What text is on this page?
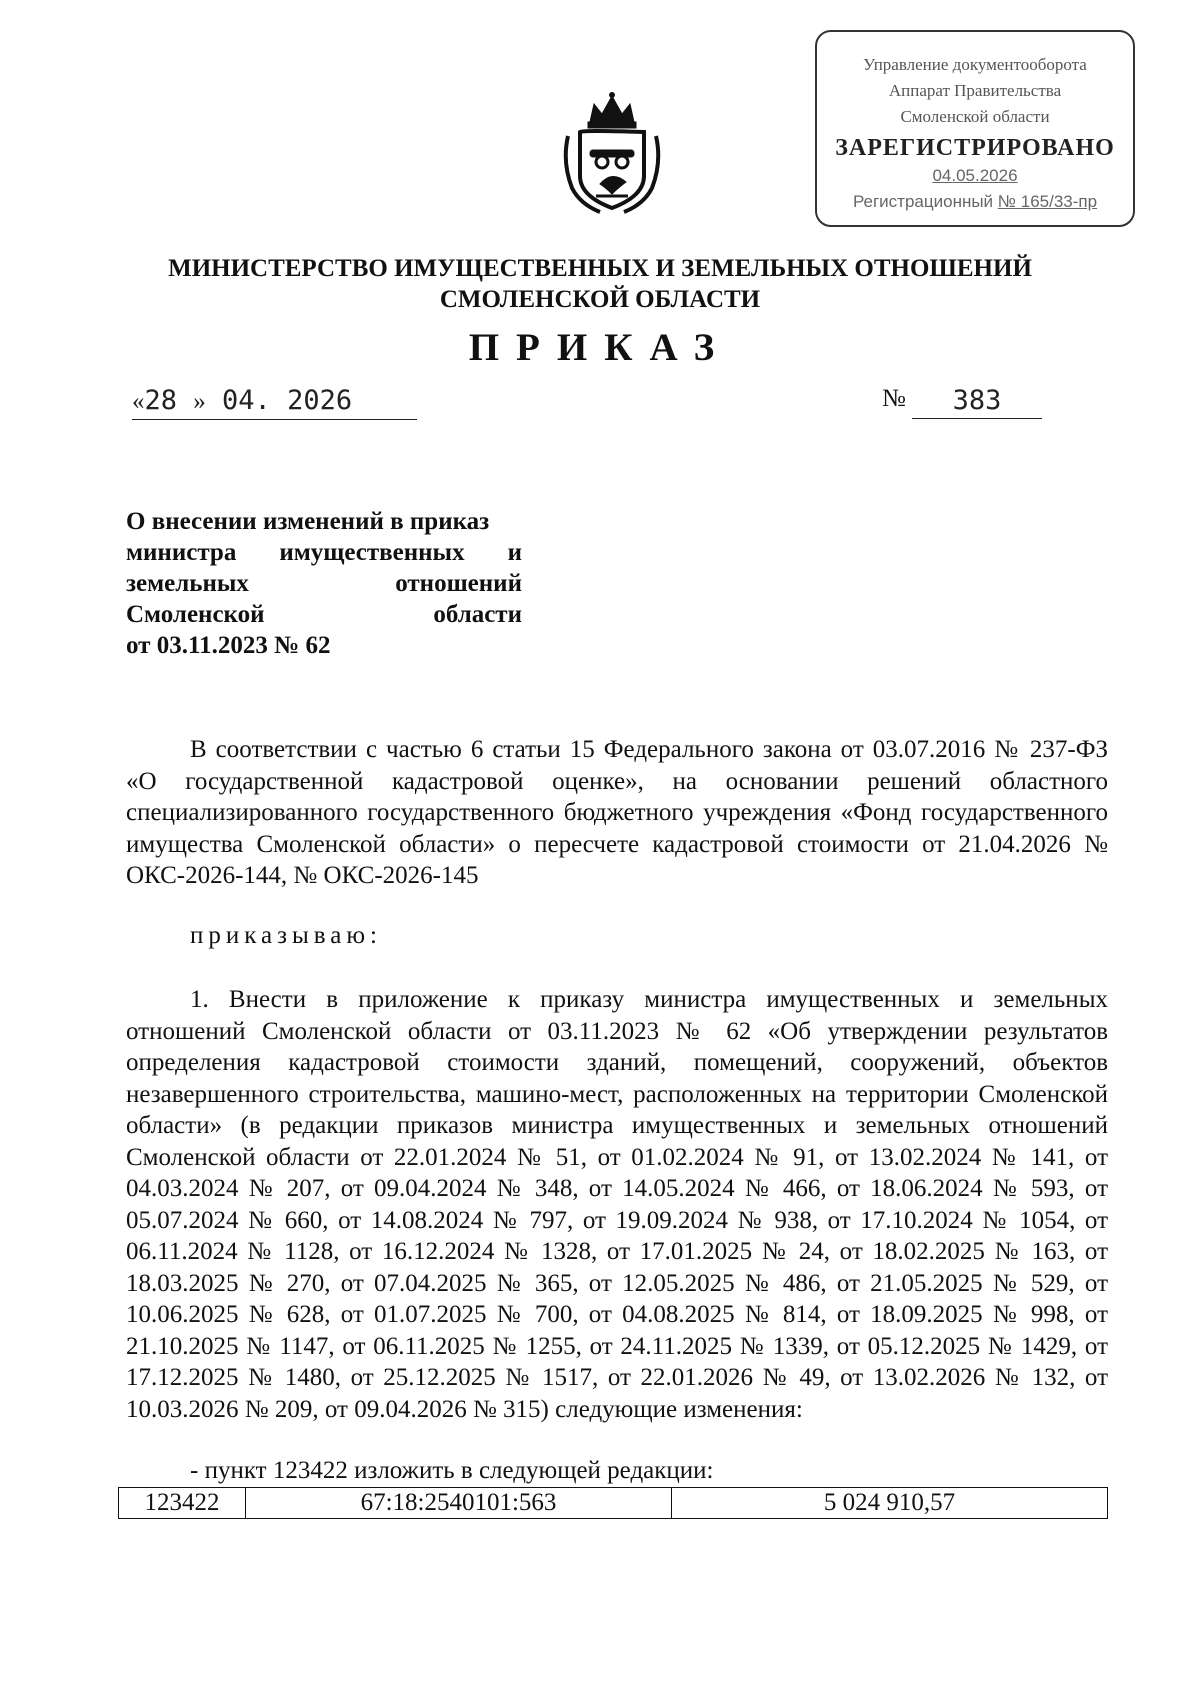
Управление документооборота
Аппарат Правительства
Смоленской области
ЗАРЕГИСТРИРОВАНО
04.05.2026
Регистрационный № 165/33-пр
МИНИСТЕРСТВО ИМУЩЕСТВЕННЫХ И ЗЕМЕЛЬНЫХ ОТНОШЕНИЙ
СМОЛЕНСКОЙ ОБЛАСТИ
ПРИКАЗ
«28 » 04. 2026	№	383
О внесении изменений в приказ
министра имущественных и
земельных	отношений
Смоленской	области
от 03.11.2023 № 62
В соответствии с частью 6 статьи 15 Федерального закона от 03.07.2016 № 237-ФЗ «О государственной кадастровой оценке», на основании решений областного специализированного государственного бюджетного учреждения «Фонд государственного имущества Смоленской области» о пересчете кадастровой стоимости от 21.04.2026 № ОКС-2026-144, № ОКС-2026-145
приказываю:
1. Внести в приложение к приказу министра имущественных и земельных отношений Смоленской области от 03.11.2023 № 62 «Об утверждении результатов определения кадастровой стоимости зданий, помещений, сооружений, объектов незавершенного строительства, машино-мест, расположенных на территории Смоленской области» (в редакции приказов министра имущественных и земельных отношений Смоленской области от 22.01.2024 № 51, от 01.02.2024 № 91, от 13.02.2024 № 141, от 04.03.2024 № 207, от 09.04.2024 № 348, от 14.05.2024 № 466, от 18.06.2024 № 593, от 05.07.2024 № 660, от 14.08.2024 № 797, от 19.09.2024 № 938, от 17.10.2024 № 1054, от 06.11.2024 № 1128, от 16.12.2024 № 1328, от 17.01.2025 № 24, от 18.02.2025 № 163, от 18.03.2025 № 270, от 07.04.2025 № 365, от 12.05.2025 № 486, от 21.05.2025 № 529, от 10.06.2025 № 628, от 01.07.2025 № 700, от 04.08.2025 № 814, от 18.09.2025 № 998, от 21.10.2025 № 1147, от 06.11.2025 № 1255, от 24.11.2025 № 1339, от 05.12.2025 № 1429, от 17.12.2025 № 1480, от 25.12.2025 № 1517, от 22.01.2026 № 49, от 13.02.2026 № 132, от 10.03.2026 № 209, от 09.04.2026 № 315) следующие изменения:
- пункт 123422 изложить в следующей редакции:
123422	67:18:2540101:563	5 024 910,57
